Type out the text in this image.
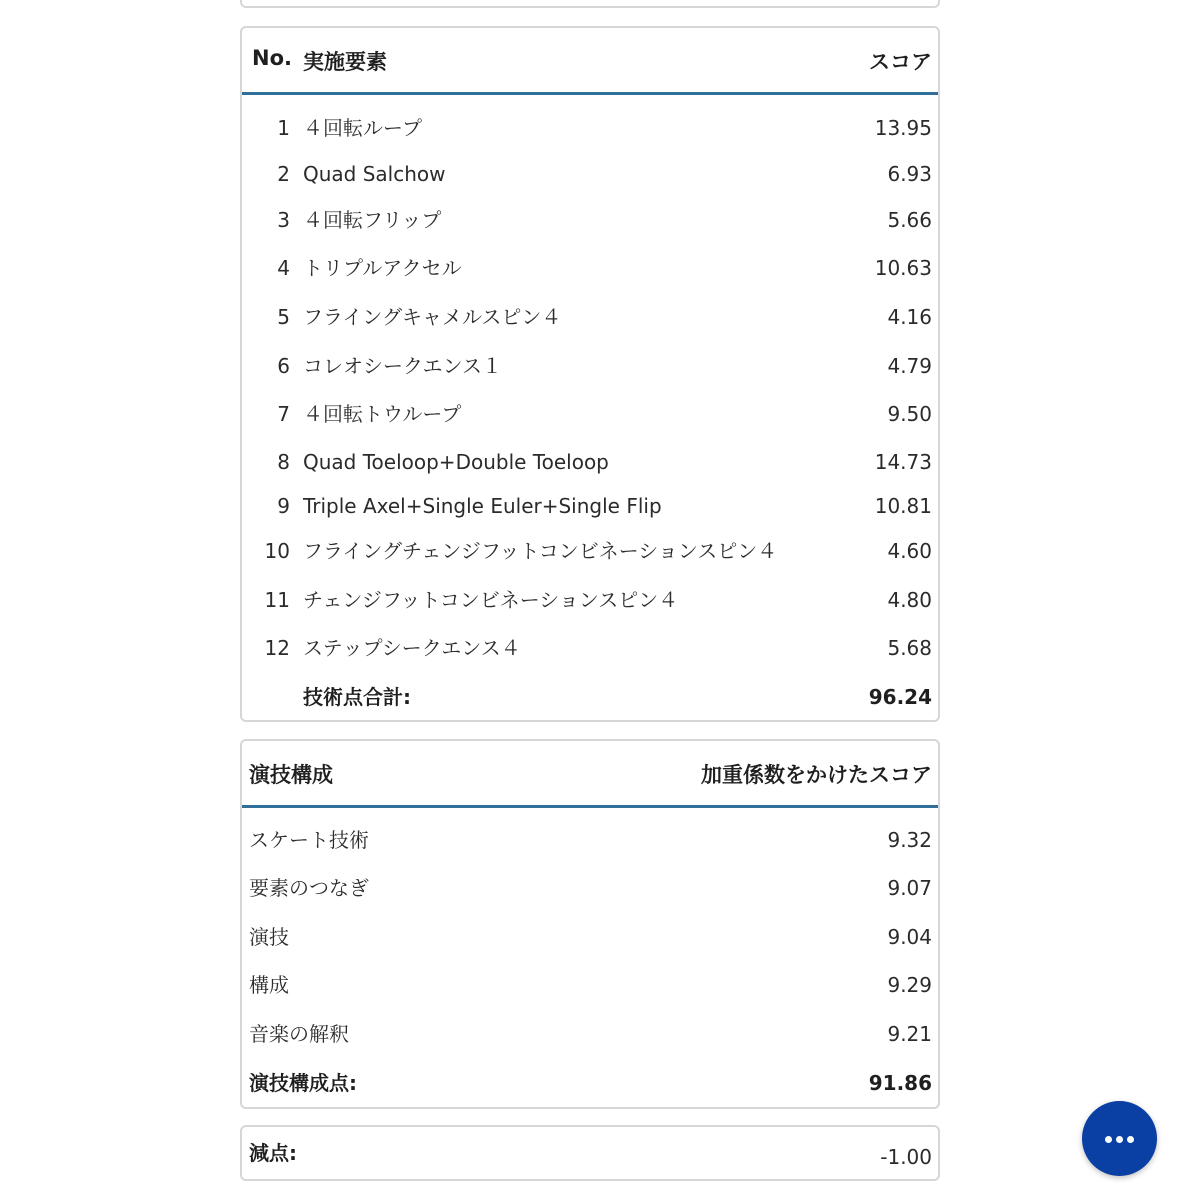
No. 実施要素	スコア
1 ４回転ループ	13.95
2 Quad Salchow	6.93
3 ４回転フリップ	5.66
4 トリプルアクセル	10.63
5 フライングキャメルスピン４	4.16
6 コレオシークエンス１	4.79
7 ４回転トウループ	9.50
8 Quad Toeloop+Double Toeloop	14.73
9 Triple Axel+Single Euler+Single Flip	10.81
10 フライングチェンジフットコンビネーションスピン４	4.60
11 チェンジフットコンビネーションスピン４	4.80
12 ステップシークエンス４	5.68
技術点合計:	96.24
演技構成	加重係数をかけたスコア
スケート技術	9.32
要素のつなぎ	9.07
演技	9.04
構成	9.29
音楽の解釈	9.21
演技構成点:	91.86
減点:	-1.00
